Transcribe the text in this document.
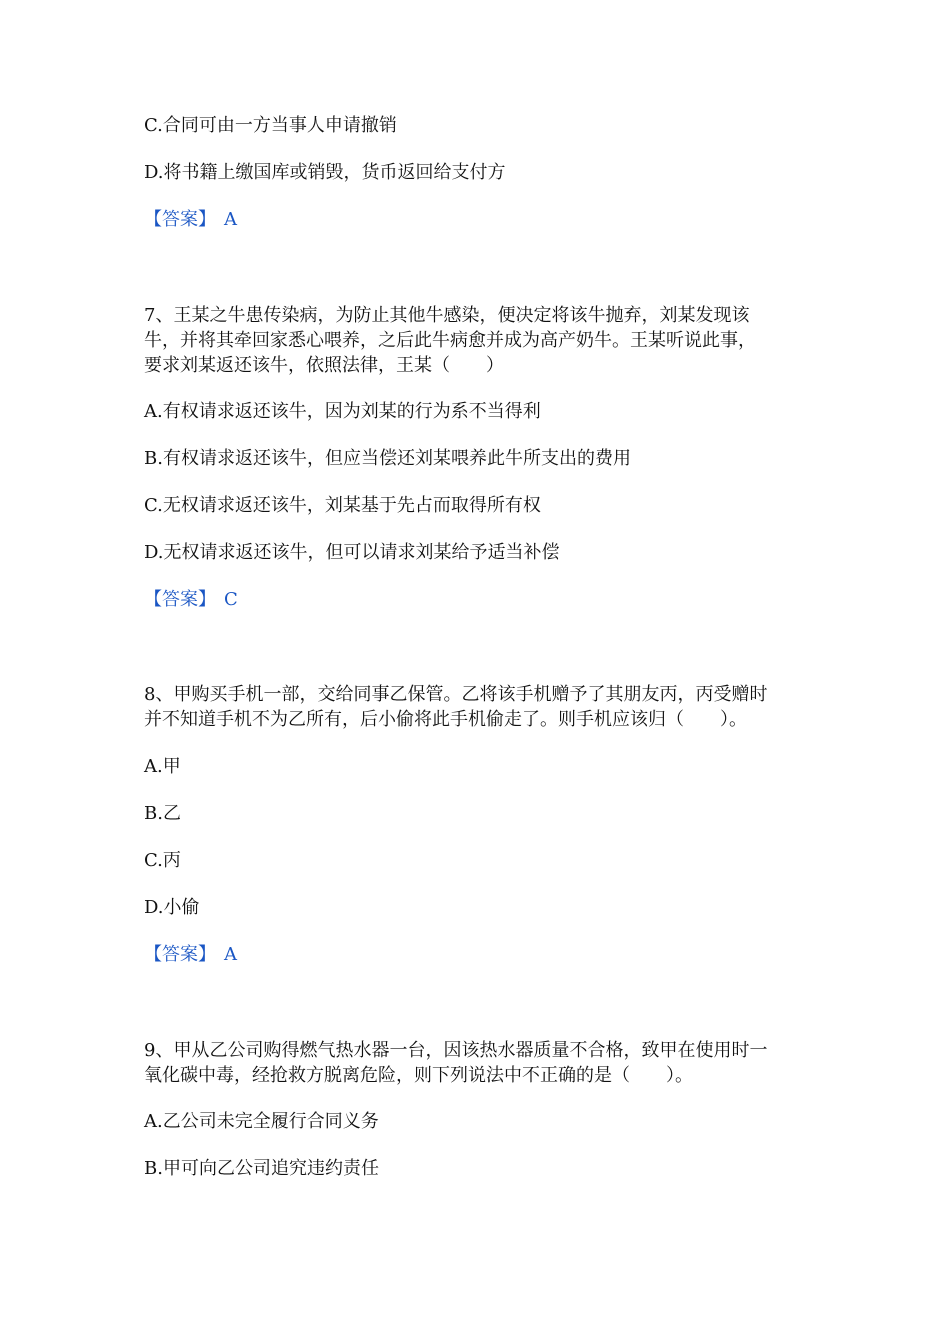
C.合同可由一方当事人申请撤销
D.将书籍上缴国库或销毁，货币返回给支付方
【答案】 A
7、王某之牛患传染病，为防止其他牛感染，便决定将该牛抛弃，刘某发现该
牛，并将其牵回家悉心喂养，之后此牛病愈并成为高产奶牛。王某听说此事，
要求刘某返还该牛，依照法律，王某（　　）
A.有权请求返还该牛，因为刘某的行为系不当得利
B.有权请求返还该牛，但应当偿还刘某喂养此牛所支出的费用
C.无权请求返还该牛，刘某基于先占而取得所有权
D.无权请求返还该牛，但可以请求刘某给予适当补偿
【答案】 C
8、甲购买手机一部，交给同事乙保管。乙将该手机赠予了其朋友丙，丙受赠时
并不知道手机不为乙所有，后小偷将此手机偷走了。则手机应该归（　　）。
A.甲
B.乙
C.丙
D.小偷
【答案】 A
9、甲从乙公司购得燃气热水器一台，因该热水器质量不合格，致甲在使用时一
氧化碳中毒，经抢救方脱离危险，则下列说法中不正确的是（　　）。
A.乙公司未完全履行合同义务
B.甲可向乙公司追究违约责任
